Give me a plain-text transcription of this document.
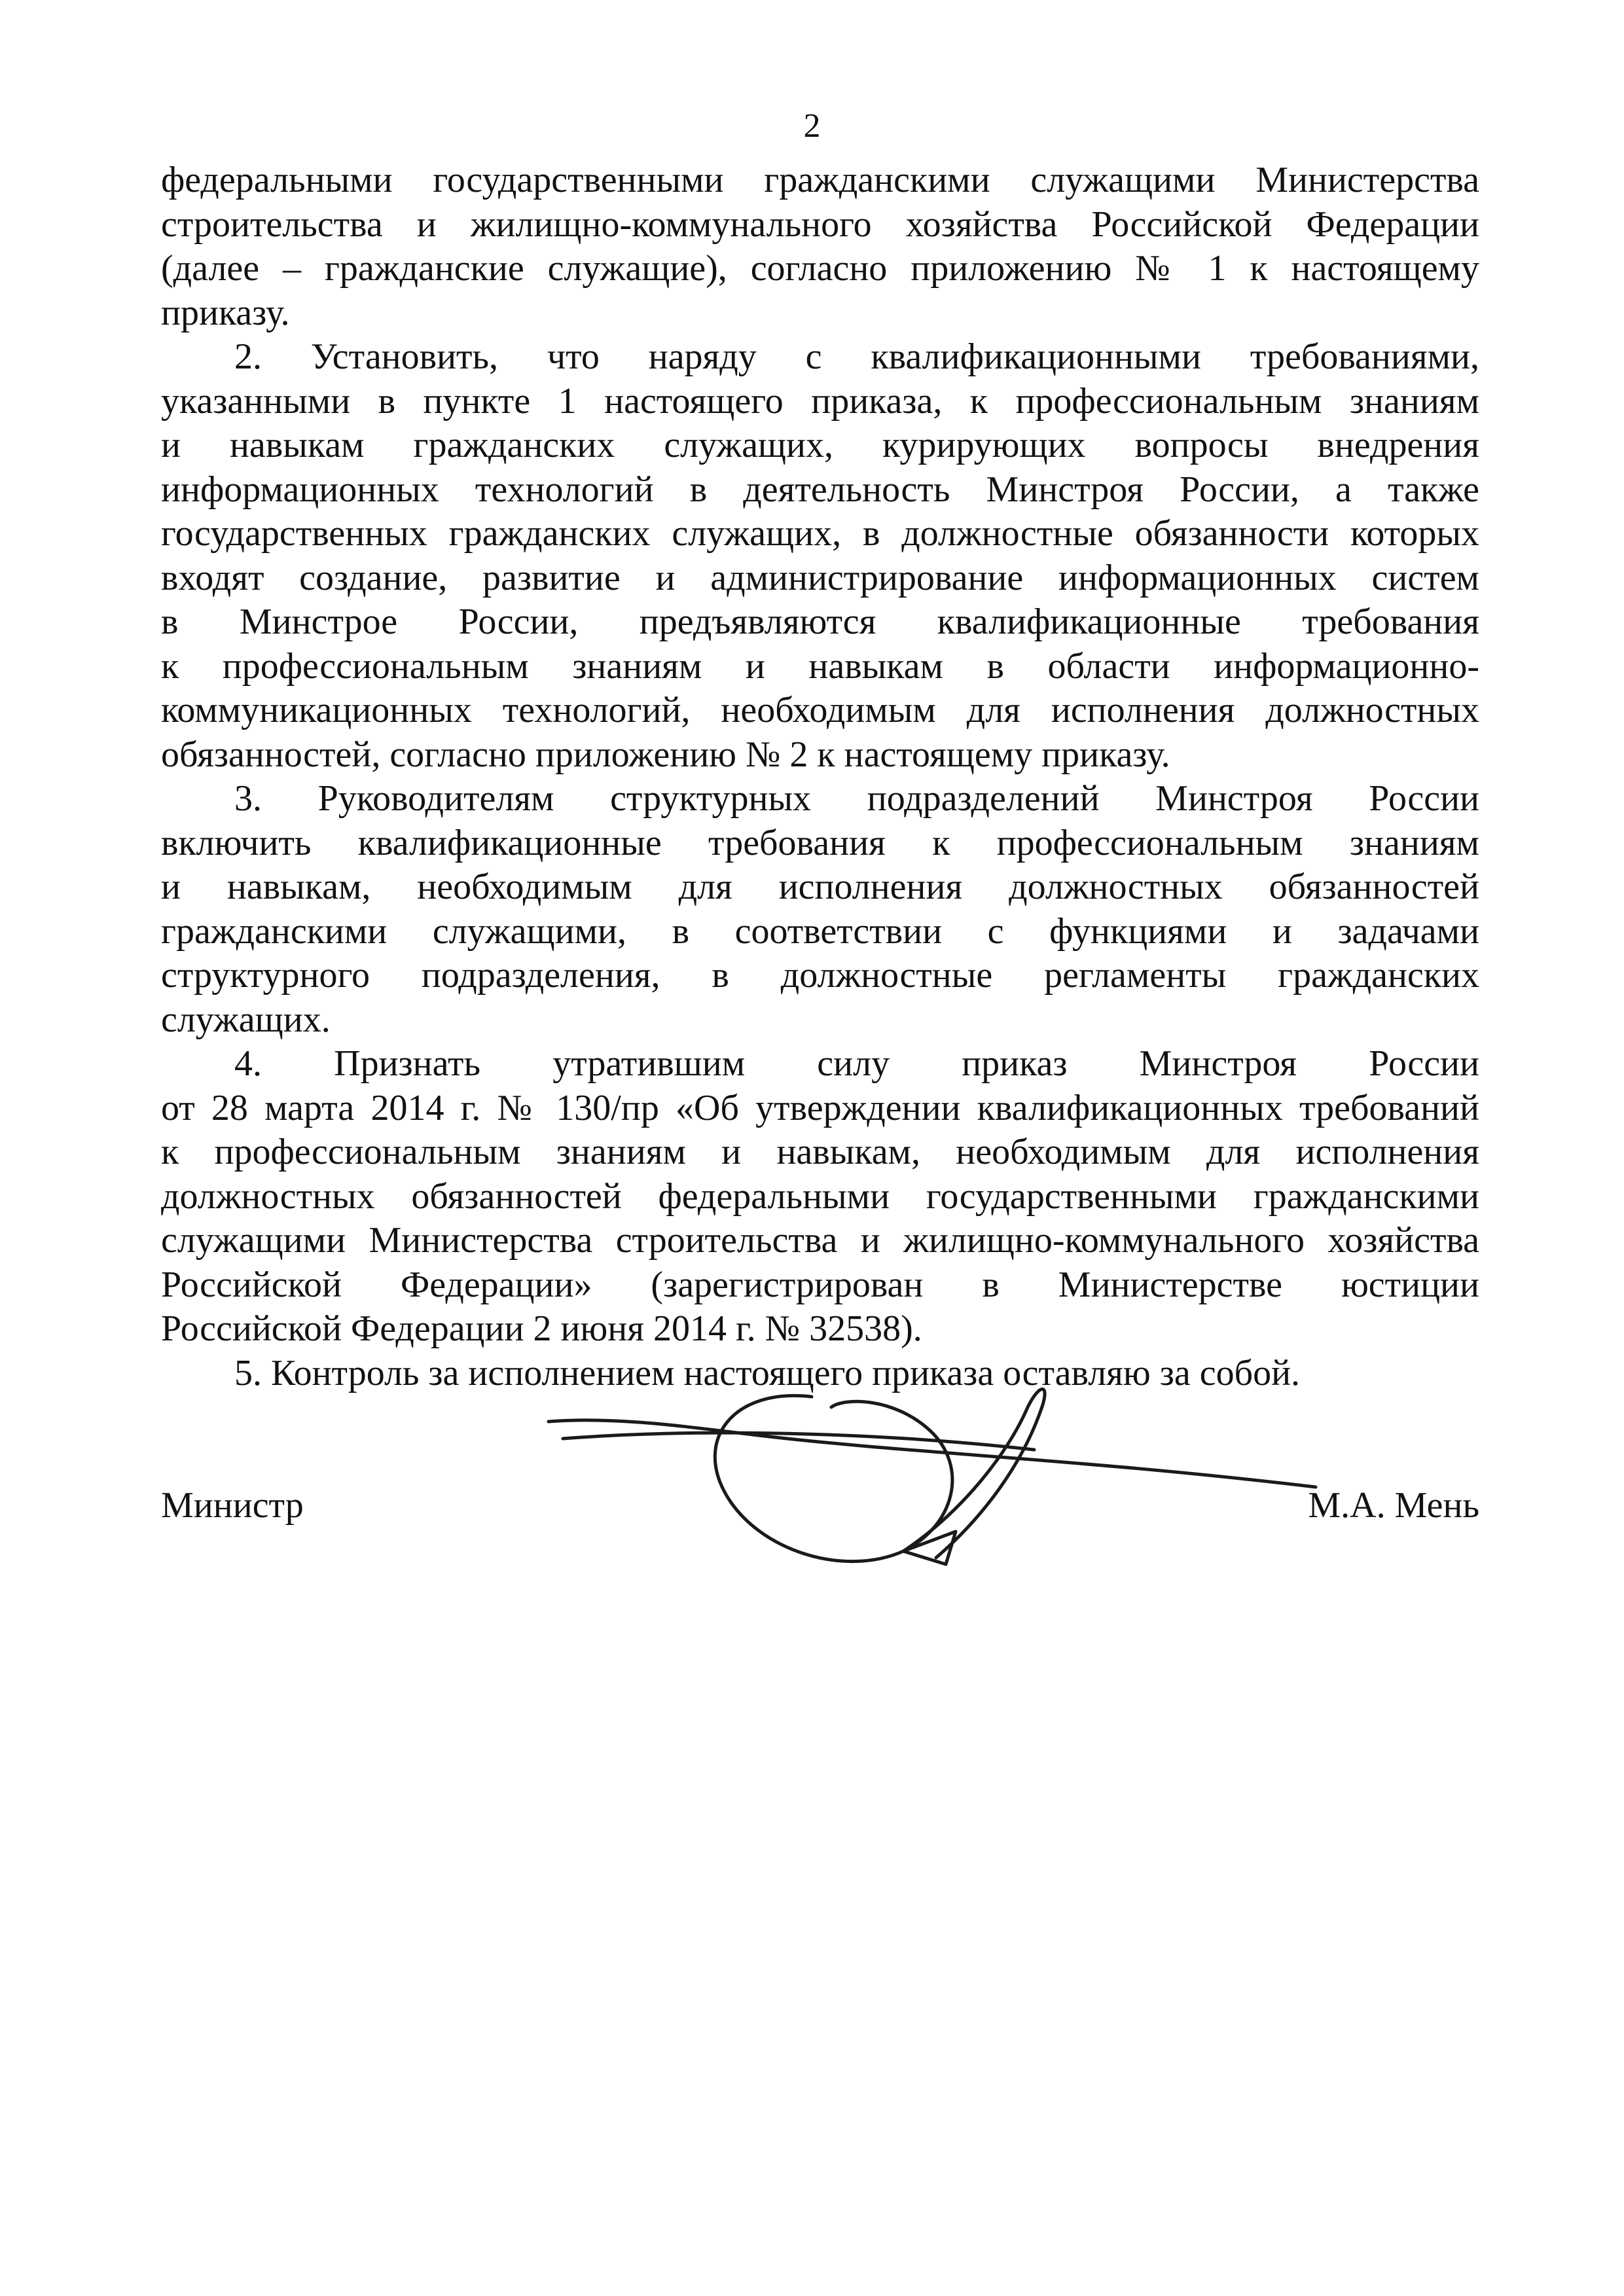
2

федеральными государственными гражданскими служащими Министерства
строительства и жилищно-коммунального хозяйства Российской Федерации
(далее – гражданские служащие), согласно приложению № 1 к настоящему
приказу.

2. Установить, что наряду с квалификационными требованиями,
указанными в пункте 1 настоящего приказа, к профессиональным знаниям
и навыкам гражданских служащих, курирующих вопросы внедрения
информационных технологий в деятельность Минстроя России, а также
государственных гражданских служащих, в должностные обязанности которых
входят создание, развитие и администрирование информационных систем
в Минстрое России, предъявляются квалификационные требования
к профессиональным знаниям и навыкам в области информационно-
коммуникационных технологий, необходимым для исполнения должностных
обязанностей, согласно приложению № 2 к настоящему приказу.

3. Руководителям структурных подразделений Минстроя России
включить квалификационные требования к профессиональным знаниям
и навыкам, необходимым для исполнения должностных обязанностей
гражданскими служащими, в соответствии с функциями и задачами
структурного подразделения, в должностные регламенты гражданских
служащих.

4. Признать утратившим силу приказ Минстроя России
от 28 марта 2014 г. № 130/пр «Об утверждении квалификационных требований
к профессиональным знаниям и навыкам, необходимым для исполнения
должностных обязанностей федеральными государственными гражданскими
служащими Министерства строительства и жилищно-коммунального хозяйства
Российской Федерации» (зарегистрирован в Министерстве юстиции
Российской Федерации 2 июня 2014 г. № 32538).

5. Контроль за исполнением настоящего приказа оставляю за собой.

Министр	М.А. Мень
